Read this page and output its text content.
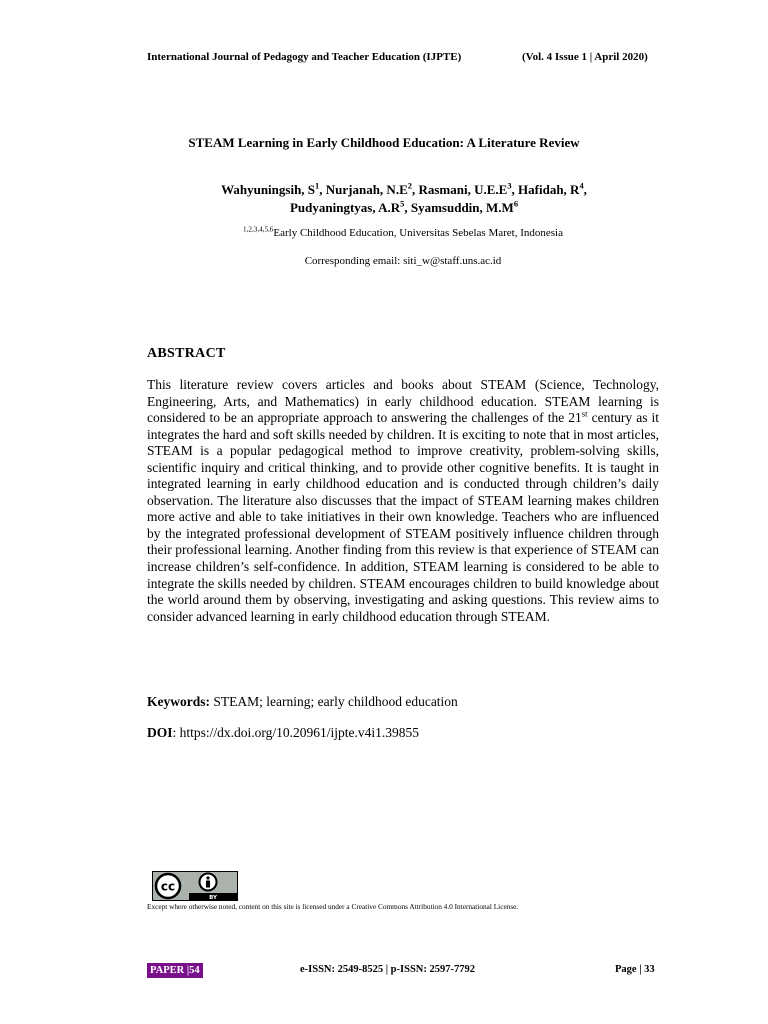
International Journal of Pedagogy and Teacher Education (IJPTE)	(Vol. 4 Issue 1 | April 2020)
STEAM Learning in Early Childhood Education: A Literature Review
Wahyuningsih, $S^1$, Nurjanah, $N.E^2$, Rasmani, $U.E.E^3$, Hafidah, $R^4$,
Pudyaningtyas, $A.R^5$, Syamsuddin, $M.M^6$
$^{1,2,3,4,5,6}$Early Childhood Education, Universitas Sebelas Maret, Indonesia
Corresponding email: siti_w@staff.uns.ac.id
ABSTRACT
This literature review covers articles and books about STEAM (Science, Technology, Engineering, Arts, and Mathematics) in early childhood education. STEAM learning is considered to be an appropriate approach to answering the challenges of the 21st century as it integrates the hard and soft skills needed by children. It is exciting to note that in most articles, STEAM is a popular pedagogical method to improve creativity, problem-solving skills, scientific inquiry and critical thinking, and to provide other cognitive benefits. It is taught in integrated learning in early childhood education and is conducted through children’s daily observation. The literature also discusses that the impact of STEAM learning makes children more active and able to take initiatives in their own knowledge. Teachers who are influenced by the integrated professional development of STEAM positively influence children through their professional learning. Another finding from this review is that experience of STEAM can increase children’s self-confidence. In addition, STEAM learning is considered to be able to integrate the skills needed by children. STEAM encourages children to build knowledge about the world around them by observing, investigating and asking questions. This review aims to consider advanced learning in early childhood education through STEAM.
Keywords: STEAM; learning; early childhood education
DOI: https://dx.doi.org/10.20961/ijpte.v4i1.39855
cc
BY
Except where otherwise noted, content on this site is licensed under a Creative Commons Attribution 4.0 International License.
PAPER |54	e-ISSN: 2549-8525 | p-ISSN: 2597-7792	Page | 33
